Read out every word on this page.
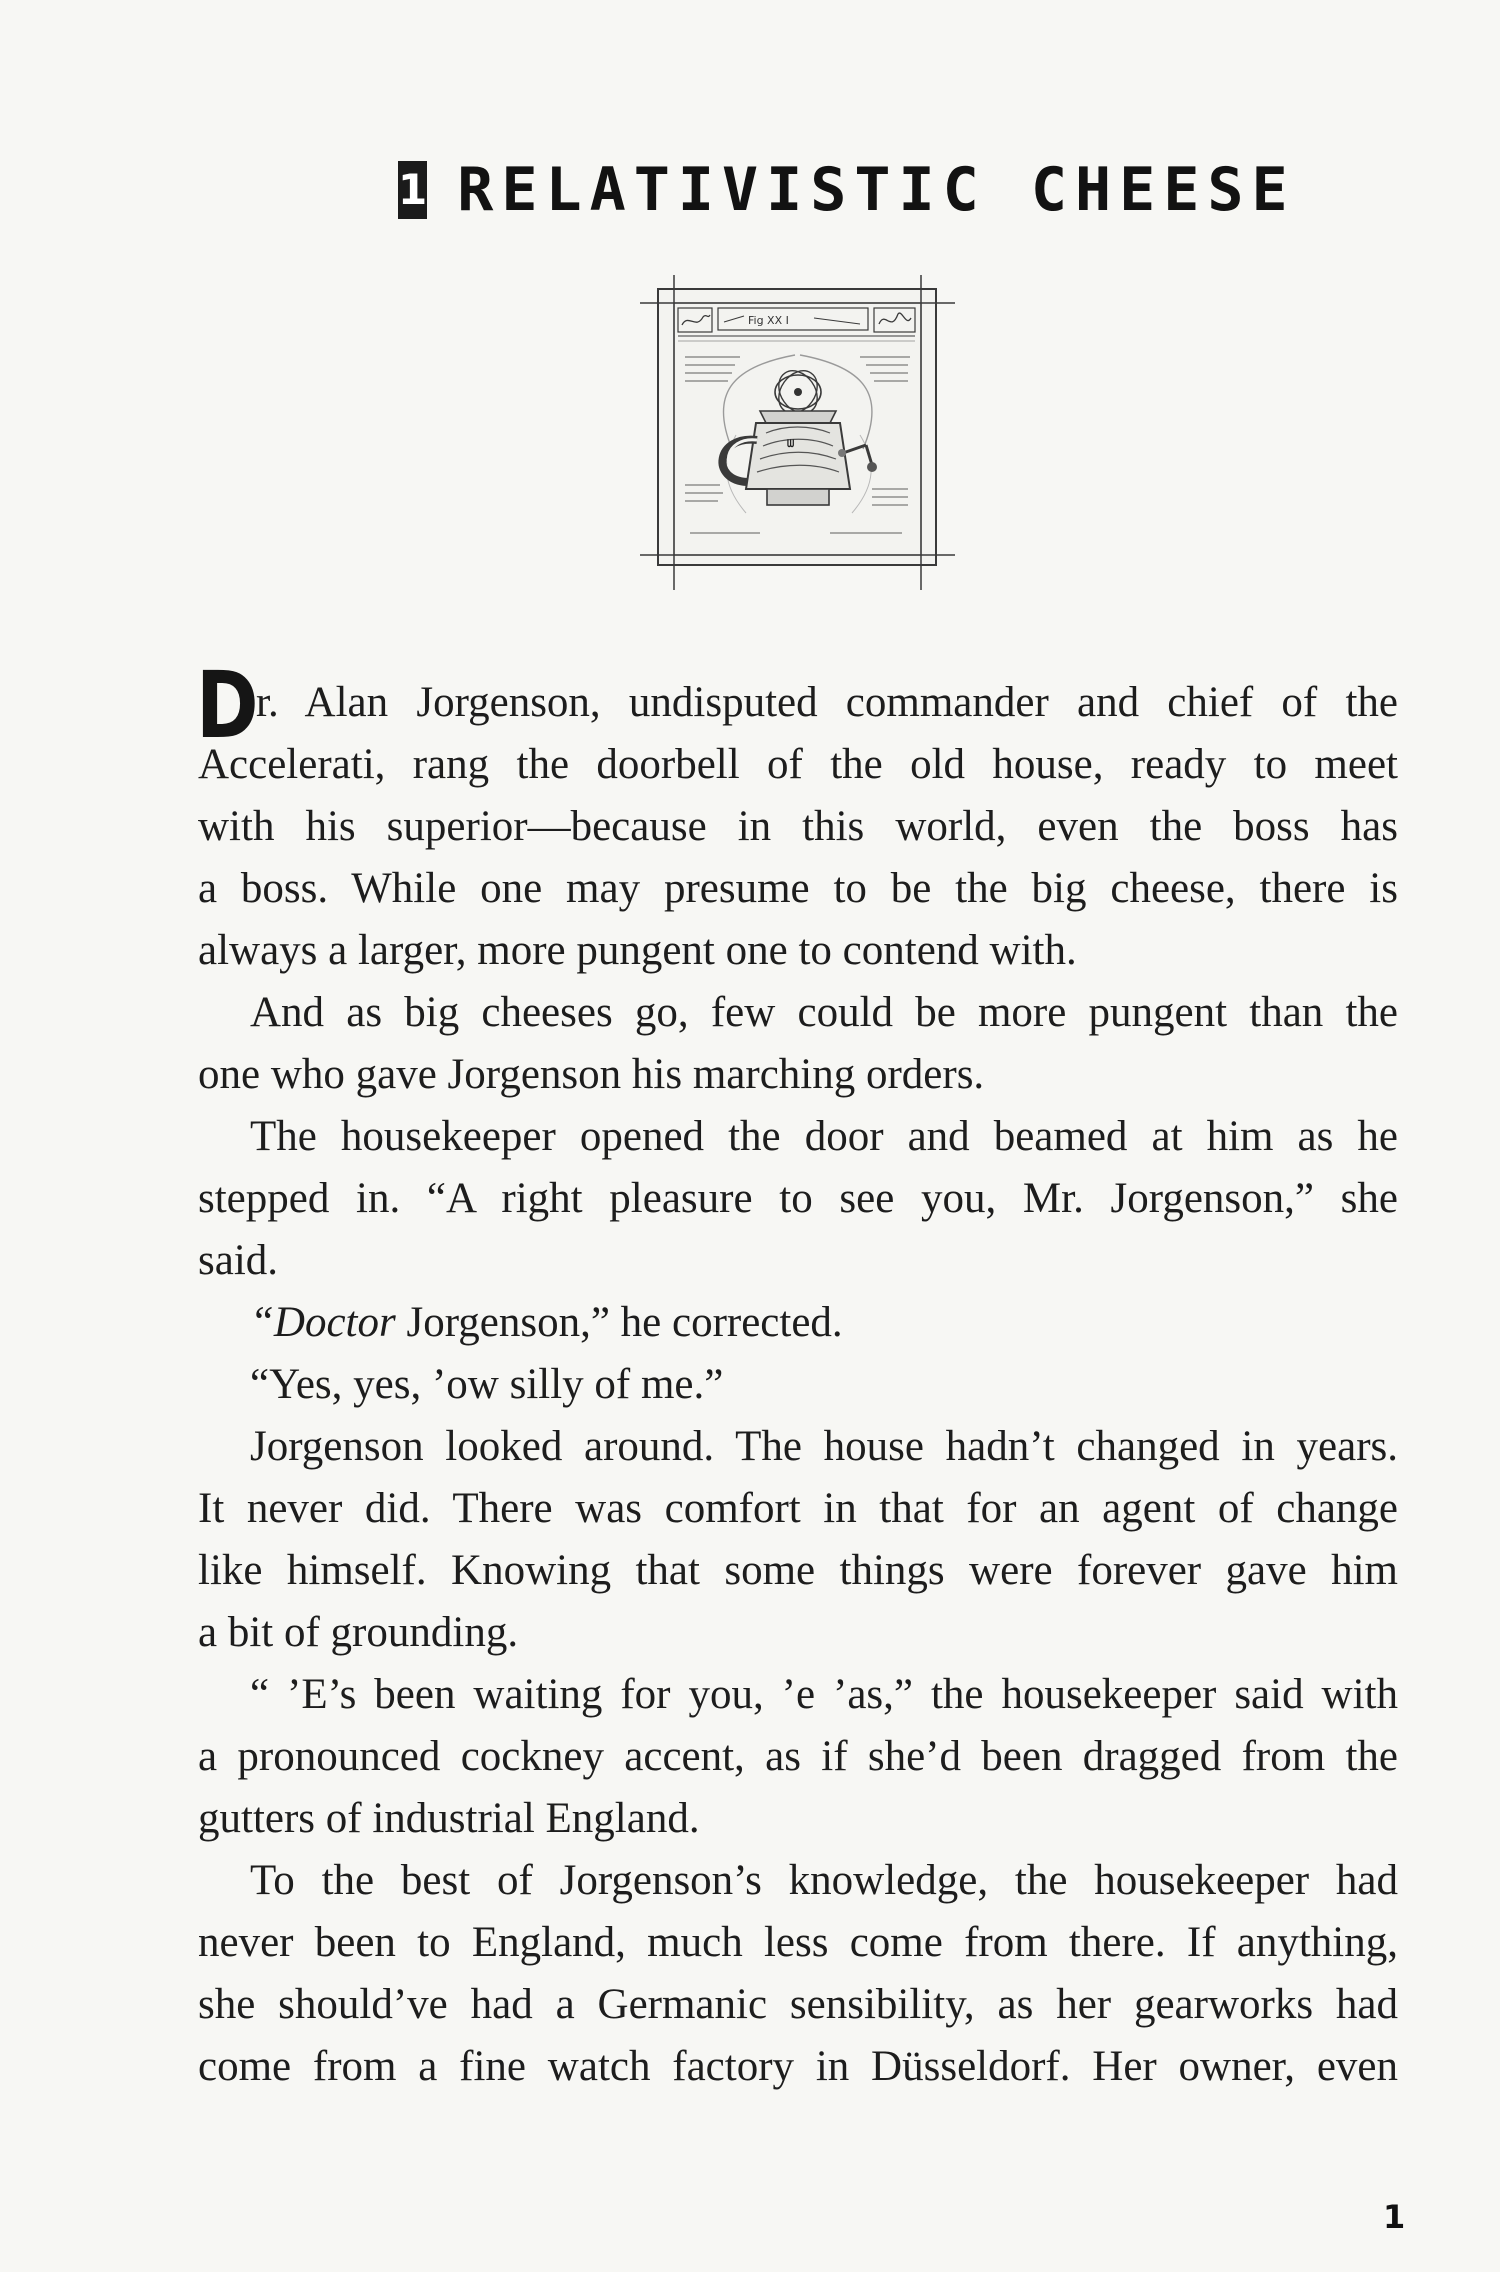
1 RELATIVISTIC CHEESE
Fig XX I
ᗯ
D
r. Alan Jorgenson, undisputed commander and chief of the
Accelerati, rang the doorbell of the old house, ready to meet
with his superior—because in this world, even the boss has
a boss. While one may presume to be the big cheese, there is
always a larger, more pungent one to contend with.
And as big cheeses go, few could be more pungent than the
one who gave Jorgenson his marching orders.
The housekeeper opened the door and beamed at him as he
stepped in. “A right pleasure to see you, Mr. Jorgenson,” she
said.
“Doctor Jorgenson,” he corrected.
“Yes, yes, ’ow silly of me.”
Jorgenson looked around. The house hadn’t changed in years.
It never did. There was comfort in that for an agent of change
like himself. Knowing that some things were forever gave him
a bit of grounding.
“ ’E’s been waiting for you, ’e ’as,” the housekeeper said with
a pronounced cockney accent, as if she’d been dragged from the
gutters of industrial England.
To the best of Jorgenson’s knowledge, the housekeeper had
never been to England, much less come from there. If anything,
she should’ve had a Germanic sensibility, as her gearworks had
come from a fine watch factory in Düsseldorf. Her owner, even
1
